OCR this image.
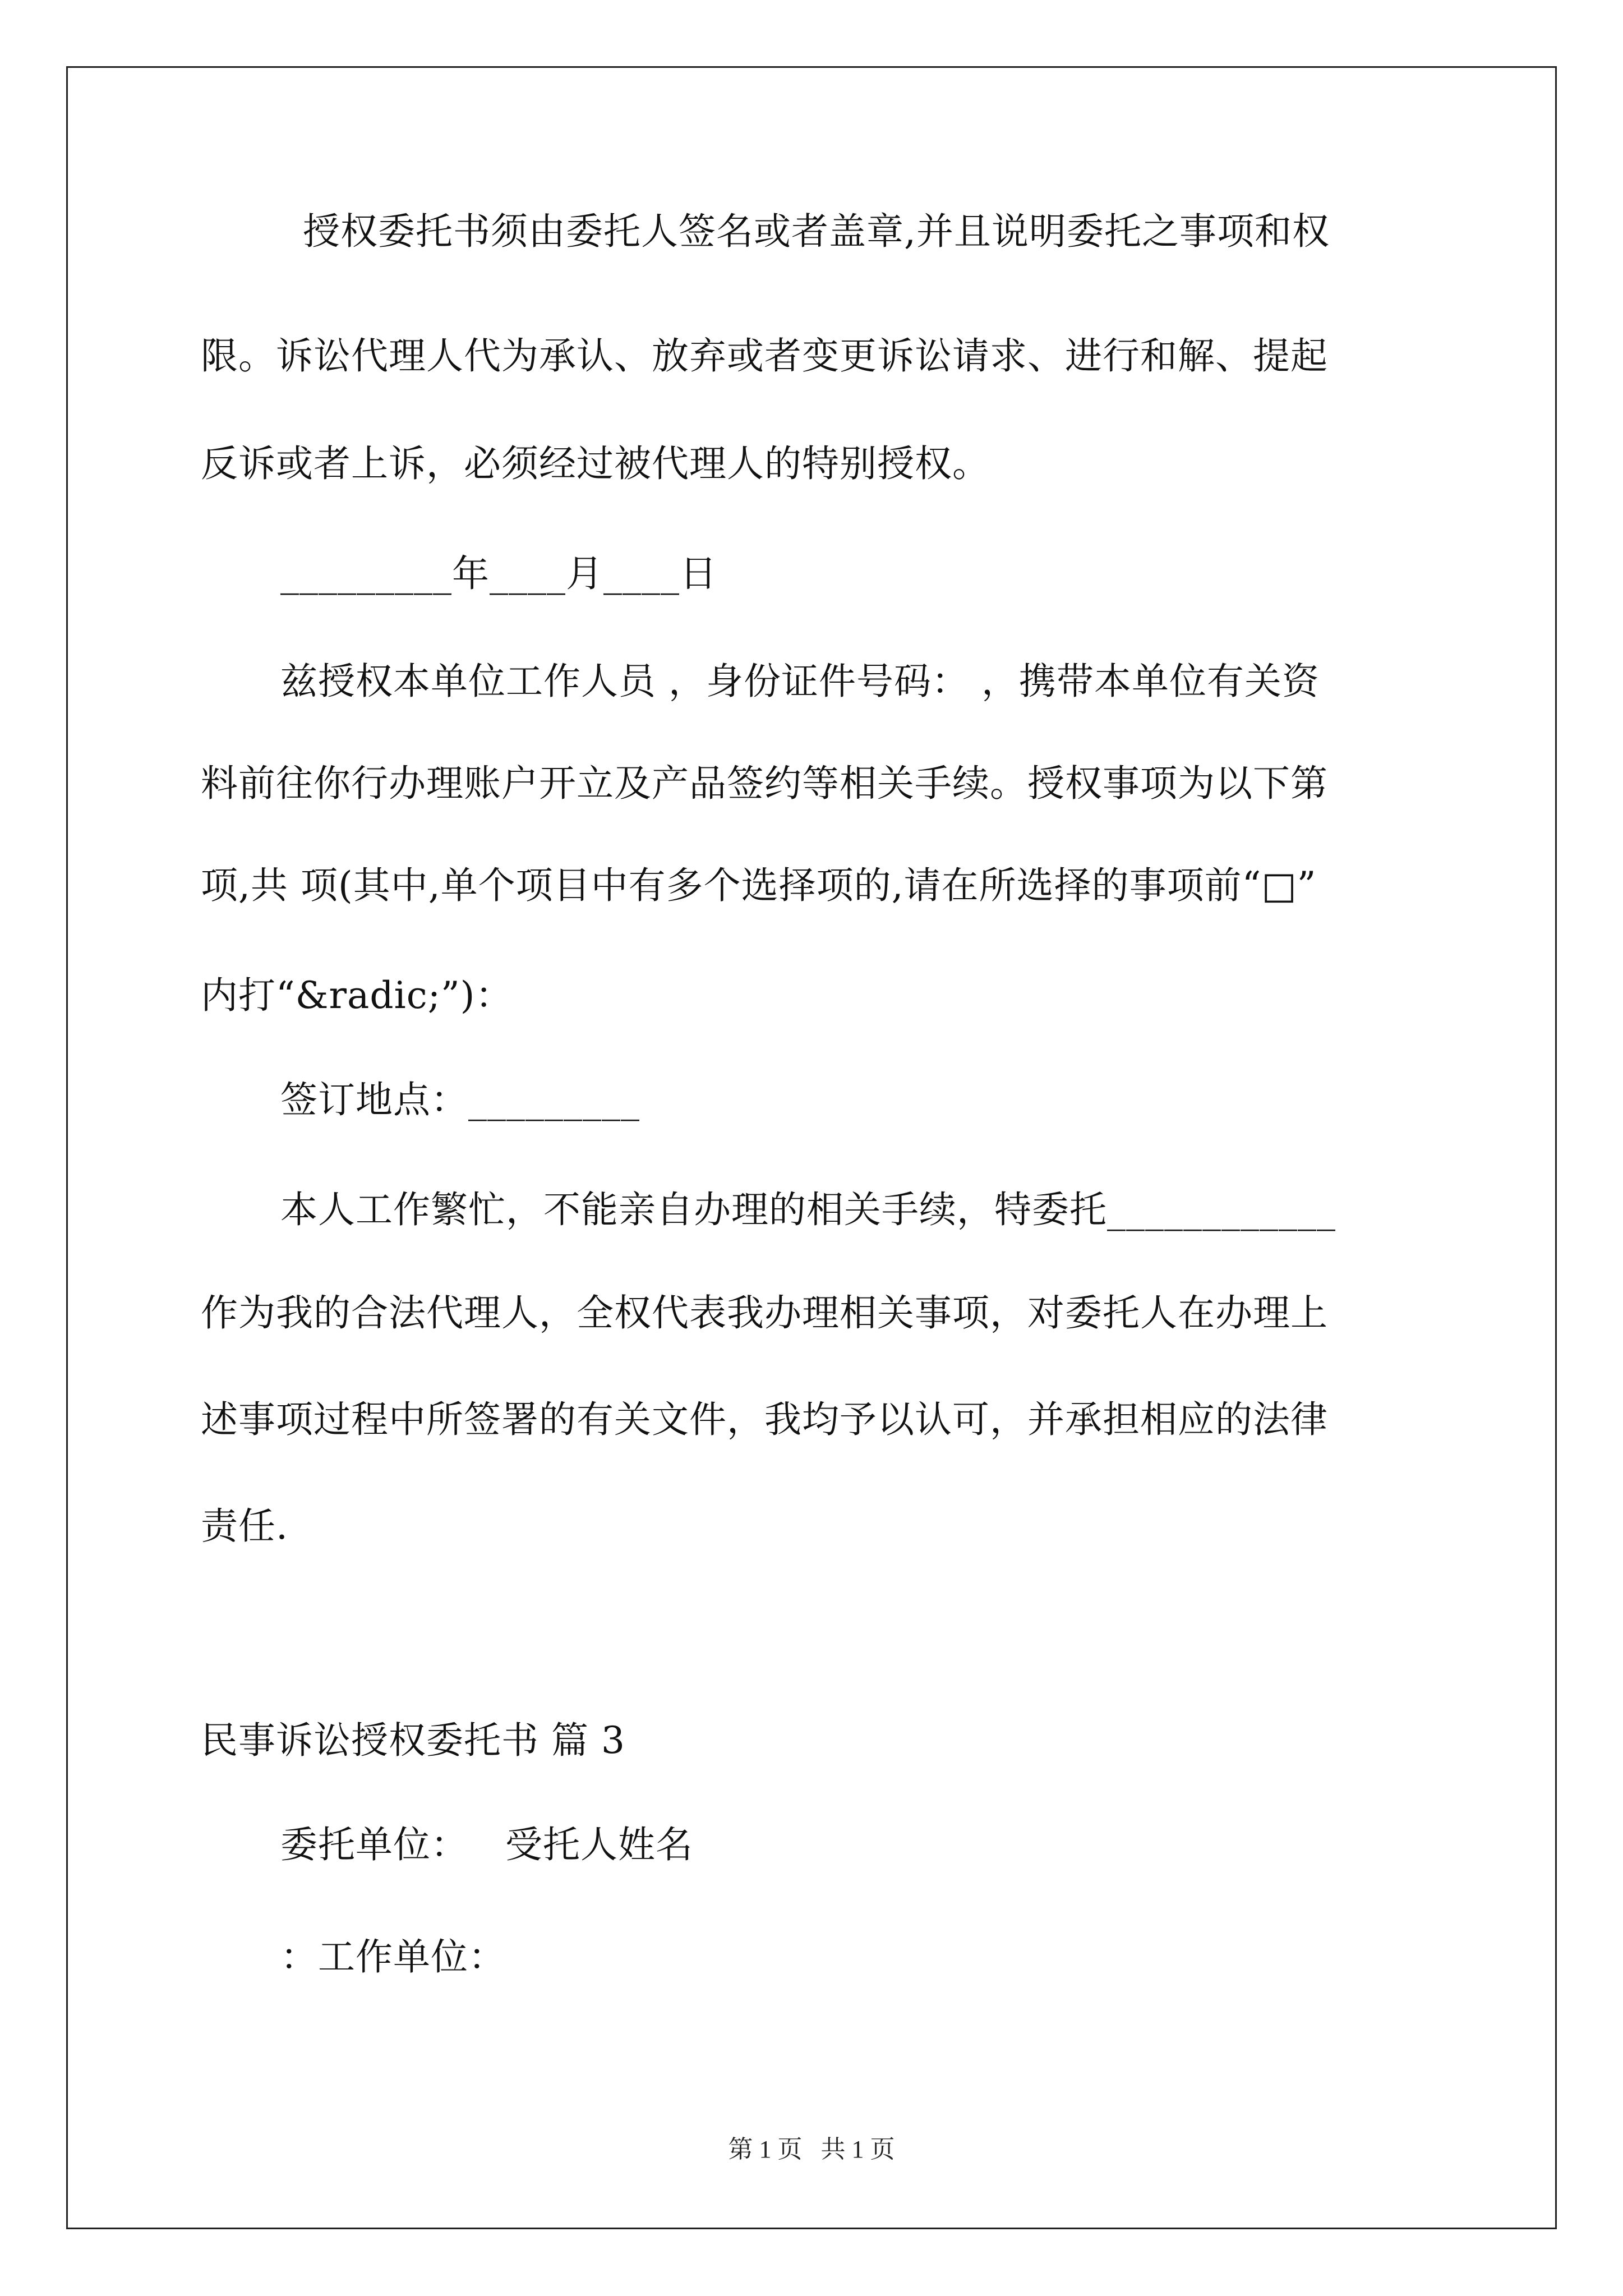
授权委托书须由委托人签名或者盖章,并且说明委托之事项和权
限。诉讼代理人代为承认、放弃或者变更诉讼请求、进行和解、提起
反诉或者上诉，必须经过被代理人的特别授权。
_________年____月____日
兹授权本单位工作人员 ，身份证件号码： ，携带本单位有关资
料前往你行办理账户开立及产品签约等相关手续。授权事项为以下第
项,共 项(其中,单个项目中有多个选择项的,请在所选择的事项前“□”
内打“&radic;”)：
签订地点：_________
本人工作繁忙，不能亲自办理的相关手续，特委托____________
作为我的合法代理人，全权代表我办理相关事项，对委托人在办理上
述事项过程中所签署的有关文件，我均予以认可，并承担相应的法律
责任.
民事诉讼授权委托书 篇 3
委托单位：   受托人姓名
：工作单位：
第 1 页   共 1 页
